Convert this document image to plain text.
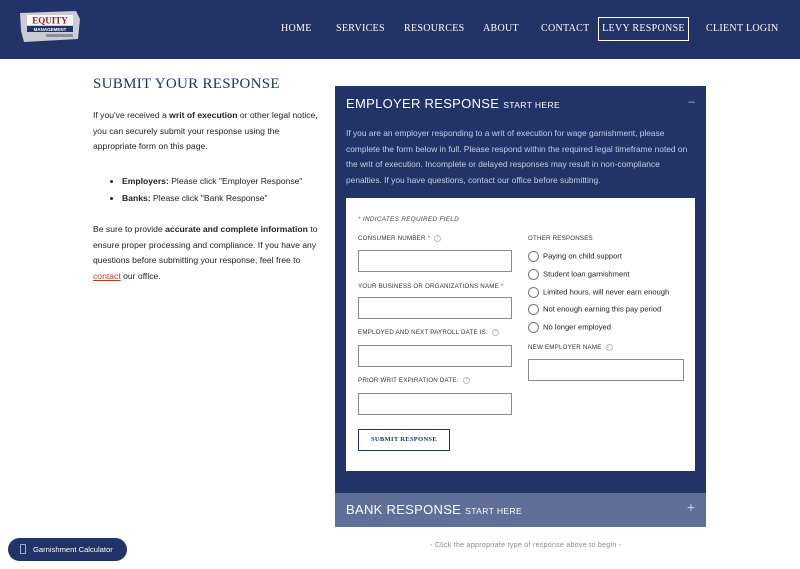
EQUITY
MANAGEMENT	HOME SERVICES RESOURCES ABOUT CONTACT	LEVY RESPONSE	CLIENT LOGIN
SUBMIT YOUR RESPONSE
If you've received a writ of execution or other legal notice, you can securely submit your response using the appropriate form on this page.
• Employers: Please click "Employer Response"
• Banks: Please click "Bank Response"
Be sure to provide accurate and complete information to ensure proper processing and compliance. If you have any questions before submitting your response, feel free to contact our office.
EMPLOYER RESPONSE START HERE	–
If you are an employer responding to a writ of execution for wage garnishment, please complete the form below in full. Please respond within the required legal timeframe noted on the writ of execution. Incomplete or delayed responses may result in non-compliance penalties. If you have questions, contact our office before submitting.
* INDICATES REQUIRED FIELD
CONSUMER NUMBER * ?
YOUR BUSINESS OR ORGANIZATIONS NAME *
EMPLOYED AND NEXT PAYROLL DATE IS: ?
PRIOR WRIT EXPIRATION DATE: ?
OTHER RESPONSES
Paying on child support
Student loan garnishment
Limited hours, will never earn enough
Not enough earning this pay period
No longer employed
NEW EMPLOYER NAME ?
SUBMIT RESPONSE
BANK RESPONSE START HERE	+
- Click the appropriate type of response above to begin -
Garnishment Calculator
